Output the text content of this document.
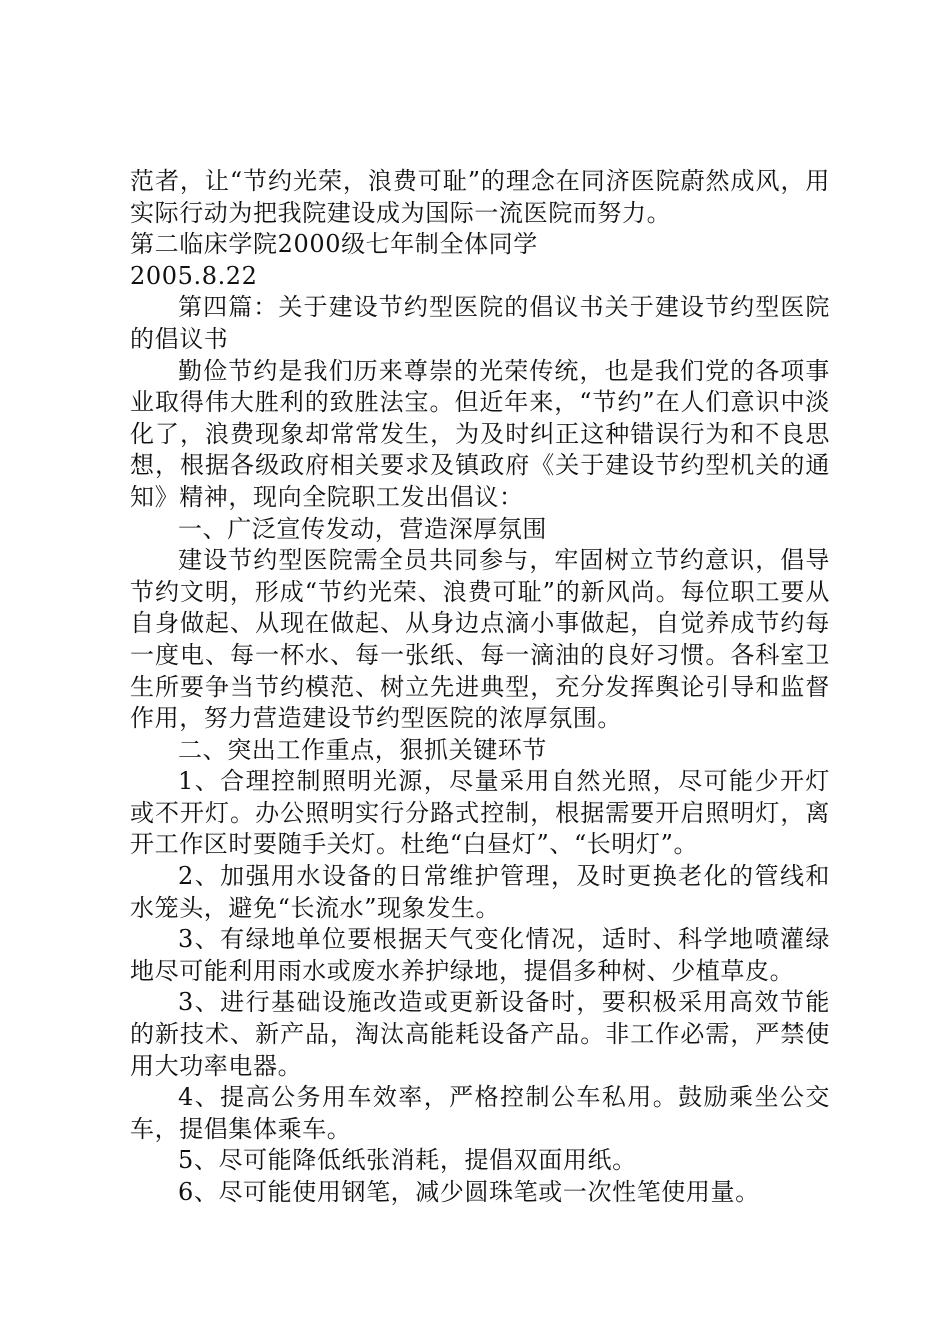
范者，让“节约光荣，浪费可耻”的理念在同济医院蔚然成风，用实际行动为把我院建设成为国际一流医院而努力。

第二临床学院2000级七年制全体同学

2005.8.22

第四篇：关于建设节约型医院的倡议书关于建设节约型医院的倡议书

勤俭节约是我们历来尊崇的光荣传统，也是我们党的各项事业取得伟大胜利的致胜法宝。但近年来，“节约”在人们意识中淡化了，浪费现象却常常发生，为及时纠正这种错误行为和不良思想，根据各级政府相关要求及镇政府《关于建设节约型机关的通知》精神，现向全院职工发出倡议：

一、广泛宣传发动，营造深厚氛围

建设节约型医院需全员共同参与，牢固树立节约意识，倡导节约文明，形成“节约光荣、浪费可耻”的新风尚。每位职工要从自身做起、从现在做起、从身边点滴小事做起，自觉养成节约每一度电、每一杯水、每一张纸、每一滴油的良好习惯。各科室卫生所要争当节约模范、树立先进典型，充分发挥舆论引导和监督作用，努力营造建设节约型医院的浓厚氛围。

二、突出工作重点，狠抓关键环节

1、合理控制照明光源，尽量采用自然光照，尽可能少开灯或不开灯。办公照明实行分路式控制，根据需要开启照明灯，离开工作区时要随手关灯。杜绝“白昼灯”、“长明灯”。

2、加强用水设备的日常维护管理，及时更换老化的管线和水笼头，避免“长流水”现象发生。

3、有绿地单位要根据天气变化情况，适时、科学地喷灌绿地尽可能利用雨水或废水养护绿地，提倡多种树、少植草皮。

3、进行基础设施改造或更新设备时，要积极采用高效节能的新技术、新产品，淘汰高能耗设备产品。非工作必需，严禁使用大功率电器。

4、提高公务用车效率，严格控制公车私用。鼓励乘坐公交车，提倡集体乘车。

5、尽可能降低纸张消耗，提倡双面用纸。

6、尽可能使用钢笔，减少圆珠笔或一次性笔使用量。
